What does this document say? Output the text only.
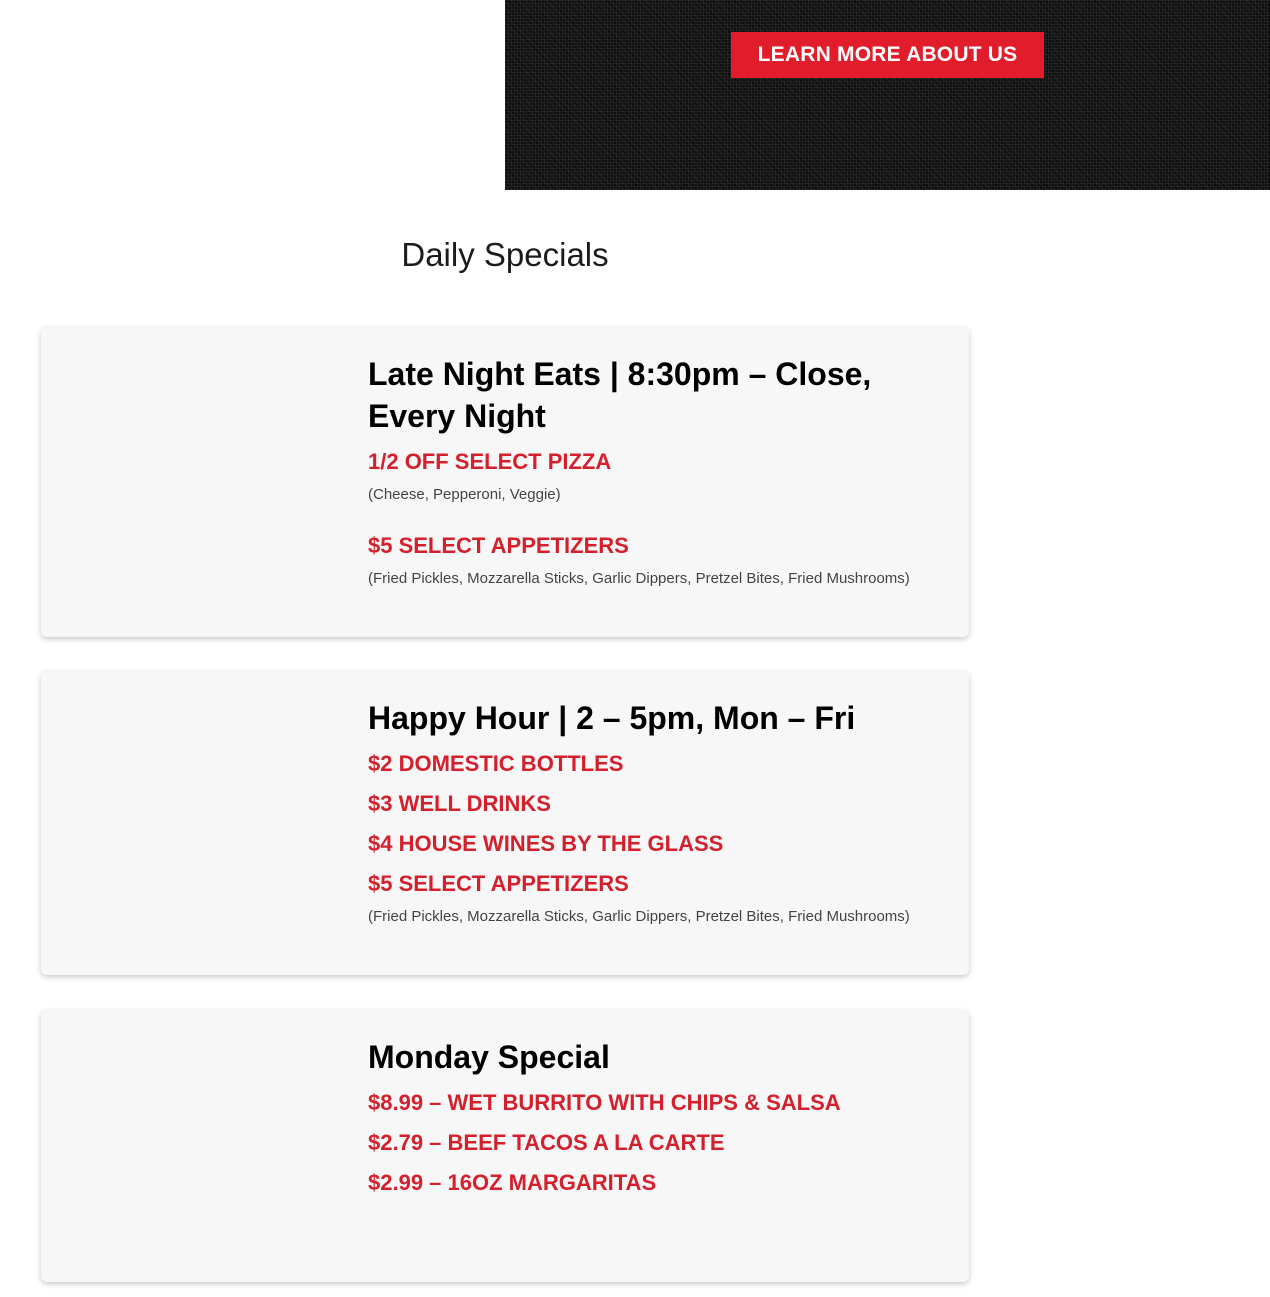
LEARN MORE ABOUT US
Daily Specials
Late Night Eats | 8:30pm – Close, Every Night

1/2 OFF SELECT PIZZA

(Cheese, Pepperoni, Veggie)

$5 SELECT APPETIZERS

(Fried Pickles, Mozzarella Sticks, Garlic Dippers, Pretzel Bites, Fried Mushrooms)

Happy Hour | 2 – 5pm, Mon – Fri

$2 DOMESTIC BOTTLES

$3 WELL DRINKS

$4 HOUSE WINES BY THE GLASS

$5 SELECT APPETIZERS

(Fried Pickles, Mozzarella Sticks, Garlic Dippers, Pretzel Bites, Fried Mushrooms)

Monday Special

$8.99 – WET BURRITO WITH CHIPS & SALSA

$2.79 – BEEF TACOS A LA CARTE

$2.99 – 16OZ MARGARITAS
